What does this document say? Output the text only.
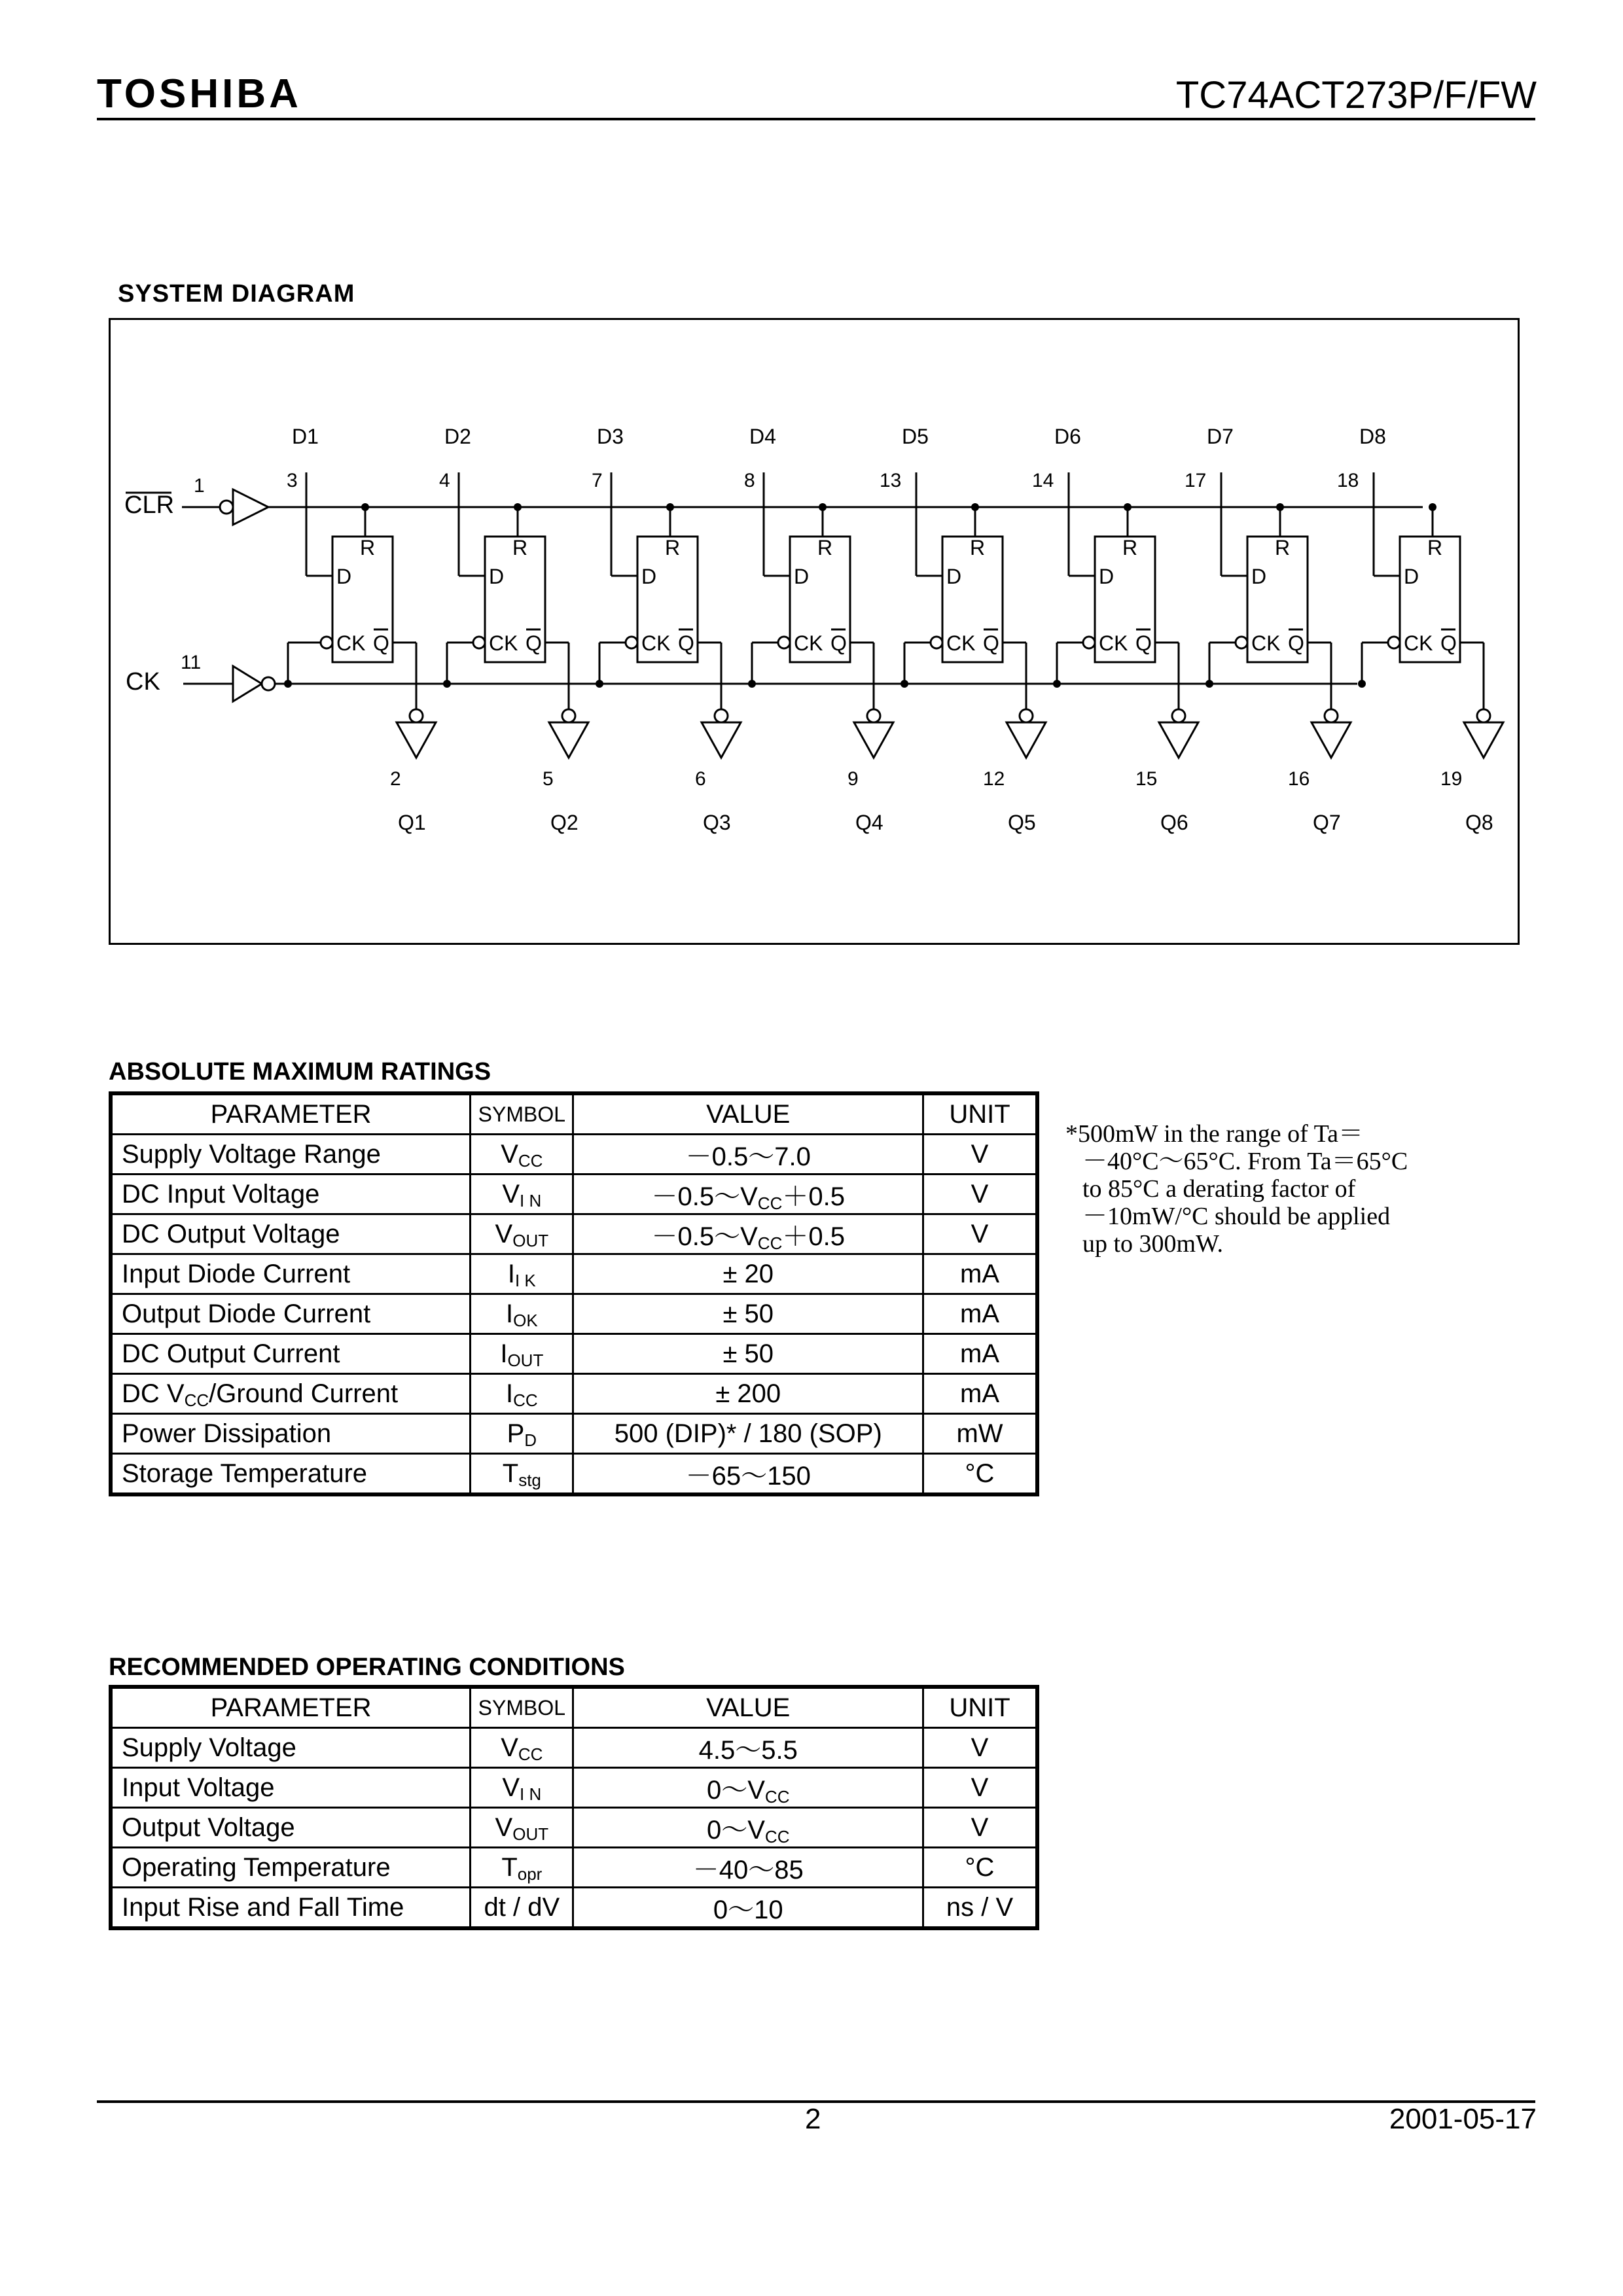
TOSHIBA	TC74ACT273P/F/FW
SYSTEM DIAGRAM
CLR
1
CK
11
R
D
CK Q
D1
3
2
Q1
R
D
CK Q
D2
4
5
Q2
R
D
CK Q
D3
7
6
Q3
R
D
CK Q
D4
8
9
Q4
R
D
CK Q
D5
13
12
Q5
R
D
CK Q
D6
14
15
Q6
R
D
CK Q
D7
17
16
Q7
R
D
CK Q
D8
18
19
Q8
ABSOLUTE MAXIMUM RATINGS
PARAMETER	SYMBOL	VALUE	UNIT
Supply Voltage Range	$V_{CC}$	－0.5～7.0	V
DC Input Voltage	$V_{I N}$	$-0.5\sim V_{CC}+0.5$	V
DC Output Voltage	$V_{OUT}$	$-0.5\sim V_{CC}+0.5$	V
Input Diode Current	$I_{I K}$	± 20	mA
Output Diode Current	$I_{OK}$	± 50	mA
DC Output Current	$I_{OUT}$	± 50	mA
DC $V_{CC}$/Ground Current	$I_{CC}$	± 200	mA
Power Dissipation	$P_D$	500 (DIP)* / 180 (SOP)	mW
Storage Temperature	$T_{stg}$	－65～150	°C
*500mW in the range of Ta＝
－40°C～65°C. From Ta＝65°C
to 85°C a derating factor of
－10mW/°C should be applied
up to 300mW.
RECOMMENDED OPERATING CONDITIONS
PARAMETER	SYMBOL	VALUE	UNIT
Supply Voltage	$V_{CC}$	4.5～5.5	V
Input Voltage	$V_{I N}$	$0\sim V_{CC}$	V
Output Voltage	$V_{OUT}$	$0\sim V_{CC}$	V
Operating Temperature	$T_{opr}$	－40～85	°C
Input Rise and Fall Time	dt / dV	0～10	ns / V
2	2001-05-17
